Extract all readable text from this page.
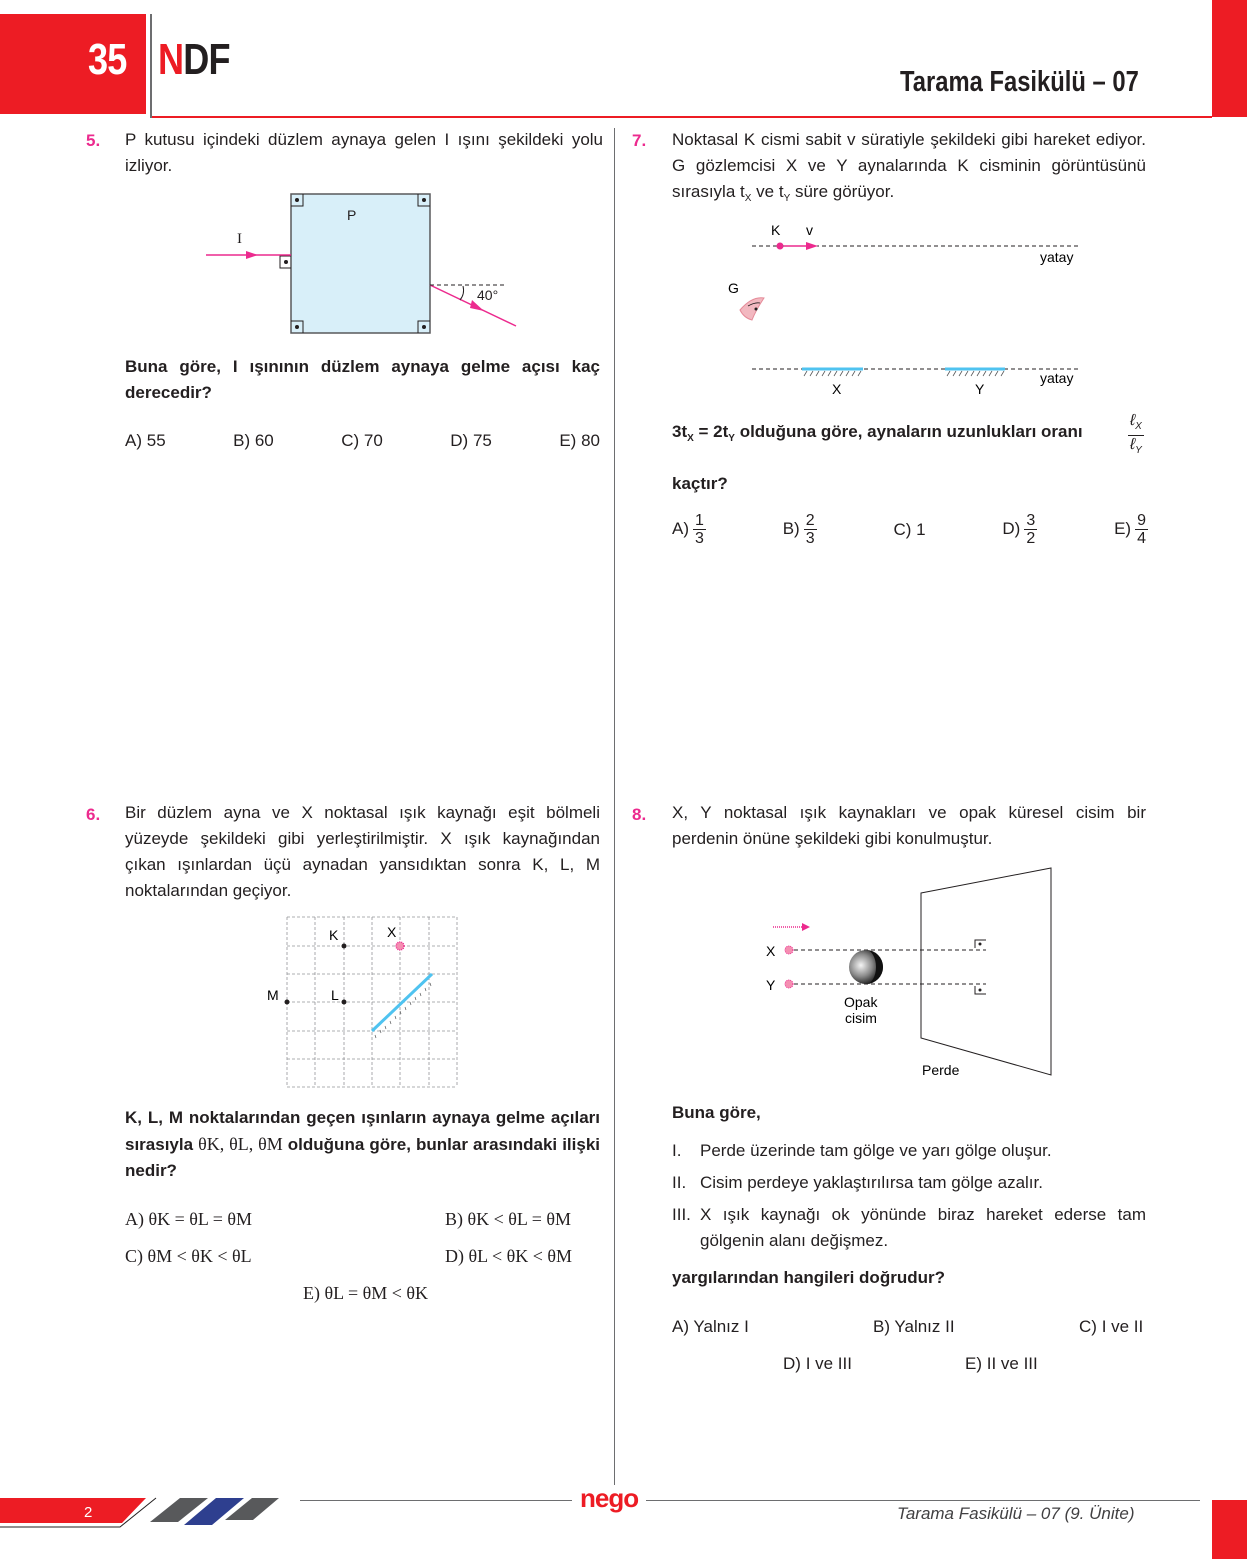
35 NDF	Tarama Fasikülü – 07
5. P kutusu içindeki düzlem aynaya gelen I ışını şekildeki yolu izliyor.
P
I
40°
Buna göre, I ışınının düzlem aynaya gelme açısı kaç derecedir?
A) 55	B) 60	C) 70	D) 75	E) 80
7. Noktasal K cismi sabit v süratiyle şekildeki gibi hareket ediyor. G gözlemcisi X ve Y aynalarında K cisminin görüntüsünü sırasıyla $t_X$ ve $t_Y$ süre görüyor.
K v
yatay
G
X	Y
yatay
$3t_X = 2t_Y$ olduğuna göre, aynaların uzunlukları oranı	$\frac{\ell_X}{\ell_Y}$
kaçtır?
$A) \frac{1}{3}$	$B) \frac{2}{3}$	C) 1	$D) \frac{3}{2}$	$E) \frac{9}{4}$
6. Bir düzlem ayna ve X noktasal ışık kaynağı eşit bölmeli yüzeyde şekildeki gibi yerleştirilmiştir. X ışık kaynağından çıkan ışınlardan üçü aynadan yansıdıktan sonra K, L, M noktalarından geçiyor.
K	X
M	L
K, L, M noktalarından geçen ışınların aynaya gelme açıları sırasıyla θK, θL, θM olduğuna göre, bunlar arasındaki ilişki nedir?
A) θK = θL = θM	B) θK < θL = θM
C) θM < θK < θL	D) θL < θK < θM
E) θL = θM < θK
8. X, Y noktasal ışık kaynakları ve opak küresel cisim bir perdenin önüne şekildeki gibi konulmuştur.
X
Y
Opak
cisim
Perde
Buna göre,
I. Perde üzerinde tam gölge ve yarı gölge oluşur.
II. Cisim perdeye yaklaştırılırsa tam gölge azalır.
III. X ışık kaynağı ok yönünde biraz hareket ederse tam gölgenin alanı değişmez.
yargılarından hangileri doğrudur?
A) Yalnız I	B) Yalnız II	C) I ve II
D) I ve III	E) II ve III
2	nego
Tarama Fasikülü – 07 (9. Ünite)
